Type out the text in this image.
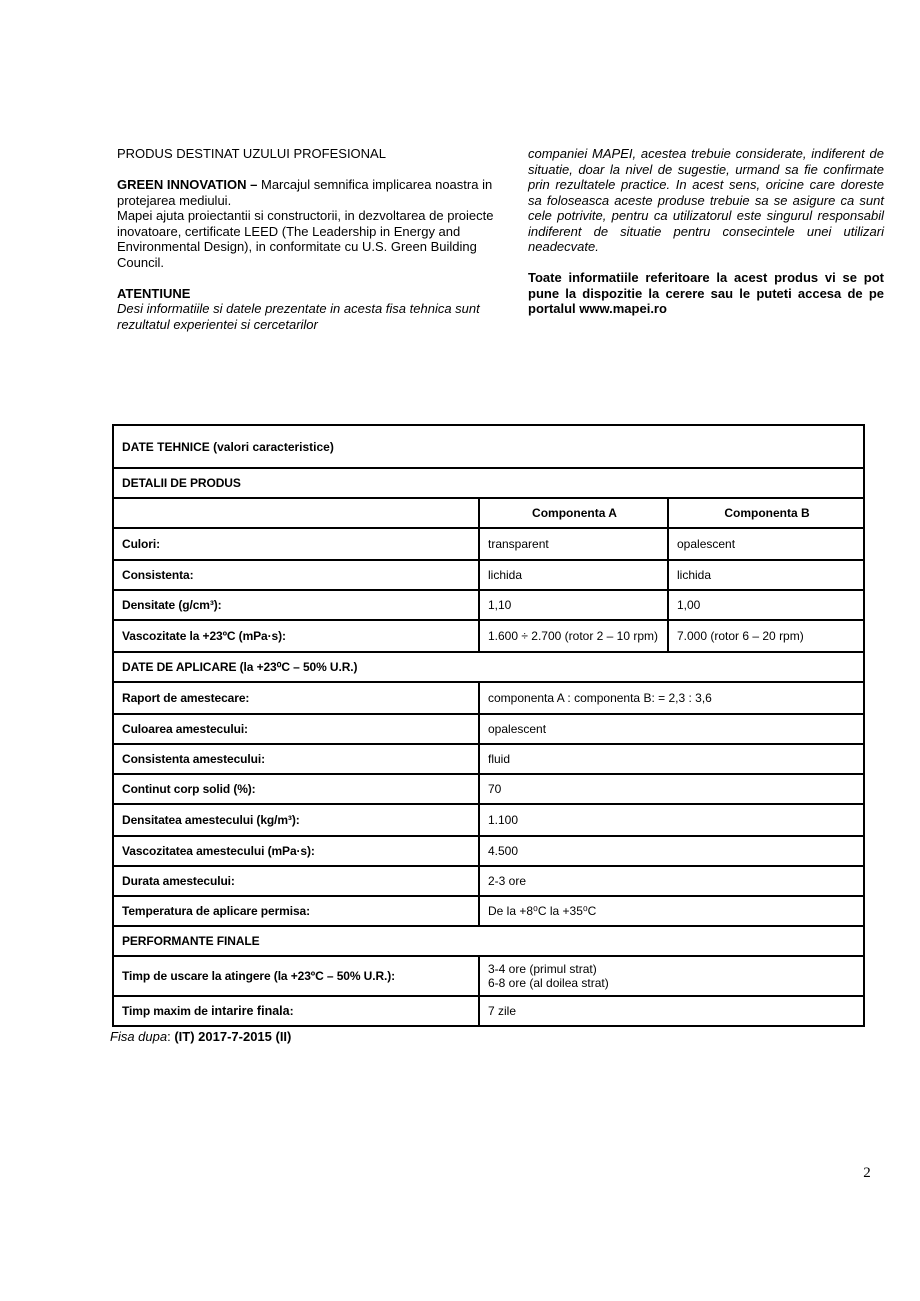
PRODUS DESTINAT UZULUI PROFESIONAL
GREEN INNOVATION – Marcajul semnifica implicarea noastra in protejarea mediului.
Mapei ajuta proiectantii si constructorii, in dezvoltarea de proiecte inovatoare, certificate LEED (The Leadership in Energy and Environmental Design), in conformitate cu U.S. Green Building Council.
ATENTIUNE
Desi informatiile si datele prezentate in acesta fisa tehnica sunt rezultatul experientei si cercetarilor
companiei MAPEI, acestea trebuie considerate, indiferent de situatie, doar la nivel de sugestie, urmand sa fie confirmate prin rezultatele practice. In acest sens, oricine care doreste sa foloseasca aceste produse trebuie sa se asigure ca sunt cele potrivite, pentru ca utilizatorul este singurul responsabil indiferent de situatie pentru consecintele unei utilizari neadecvate.
Toate informatiile referitoare la acest produs vi se pot pune la dispozitie la cerere sau le puteti accesa de pe portalul www.mapei.ro
DATE TEHNICE (valori caracteristice)		
DETALII DE PRODUS		
	Componenta A	Componenta B
Culori:	transparent	opalescent
Consistenta:	lichida	lichida
Densitate (g/cm³):	1,10	1,00
Vascozitate la +23ºC (mPa·s):	1.600 ÷ 2.700 (rotor 2 – 10 rpm)	7.000 (rotor 6 – 20 rpm)
DATE DE APLICARE (la +23⁰C – 50% U.R.)		
Raport de amestecare:	componenta A : componenta B: = 2,3 : 3,6	
Culoarea amestecului:	opalescent	
Consistenta amestecului:	fluid	
Continut corp solid (%):	70	
Densitatea amestecului (kg/m³):	1.100	
Vascozitatea amestecului (mPa·s):	4.500	
Durata amestecului:	2-3 ore	
Temperatura de aplicare permisa:	De la +8⁰C la +35⁰C	
PERFORMANTE FINALE		
Timp de uscare la atingere (la +23ºC – 50% U.R.):	3-4 ore (primul strat)
6-8 ore (al doilea strat)	

Timp maxim de intarire finala:	7 zile	
Fisa dupa: (IT) 2017-7-2015 (II)
2
